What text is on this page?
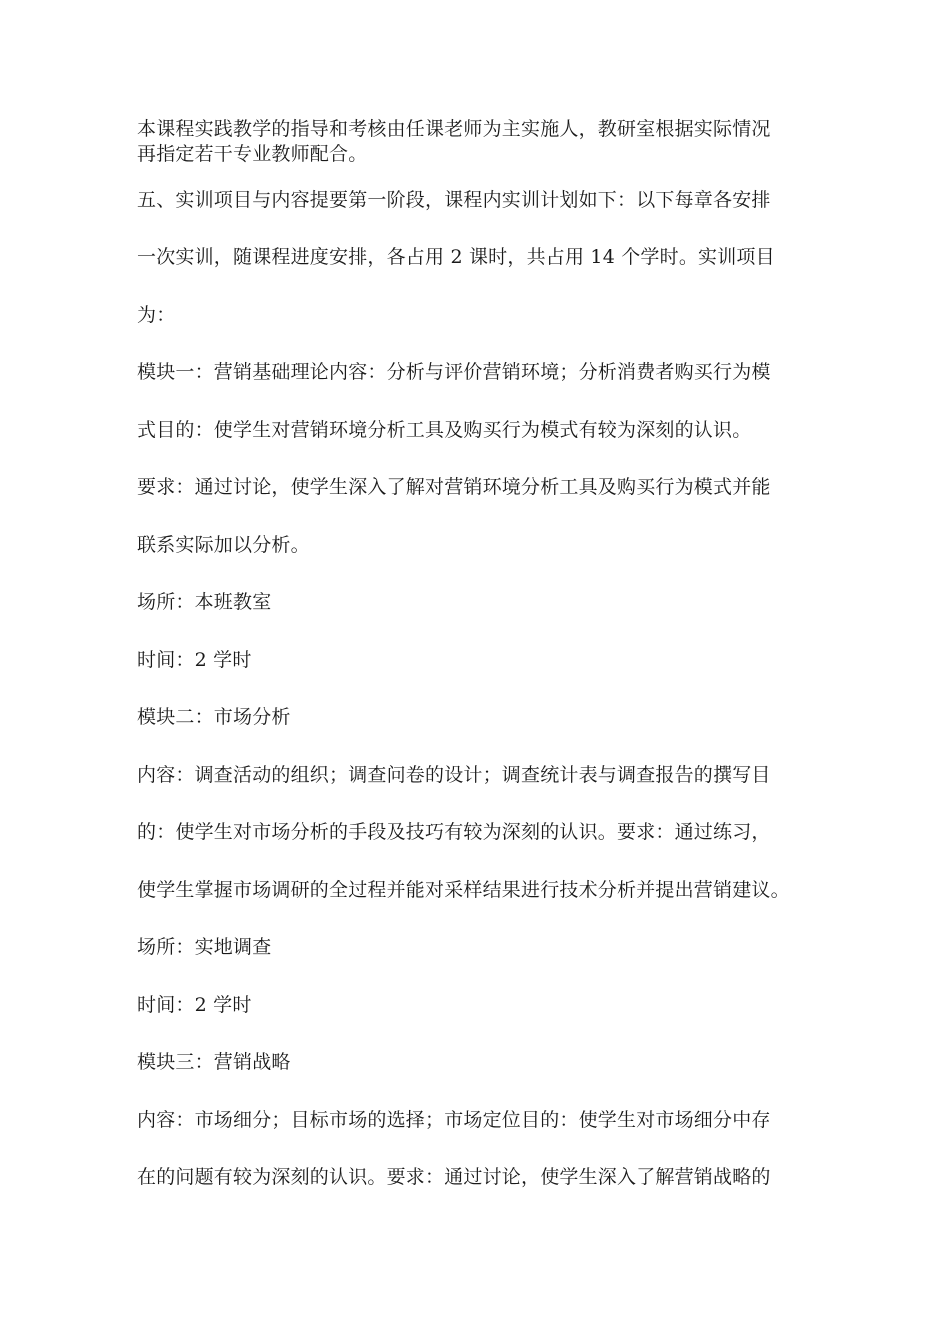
本课程实践教学的指导和考核由任课老师为主实施人，教研室根据实际情况
再指定若干专业教师配合。
五、实训项目与内容提要第一阶段，课程内实训计划如下：以下每章各安排
一次实训，随课程进度安排，各占用 2 课时，共占用 14 个学时。实训项目
为：
模块一：营销基础理论内容：分析与评价营销环境；分析消费者购买行为模
式目的：使学生对营销环境分析工具及购买行为模式有较为深刻的认识。
要求：通过讨论，使学生深入了解对营销环境分析工具及购买行为模式并能
联系实际加以分析。
场所：本班教室
时间：2 学时
模块二：市场分析
内容：调查活动的组织；调查问卷的设计；调查统计表与调查报告的撰写目
的：使学生对市场分析的手段及技巧有较为深刻的认识。要求：通过练习，
使学生掌握市场调研的全过程并能对采样结果进行技术分析并提出营销建议。
场所：实地调查
时间：2 学时
模块三：营销战略
内容：市场细分；目标市场的选择；市场定位目的：使学生对市场细分中存
在的问题有较为深刻的认识。要求：通过讨论，使学生深入了解营销战略的
